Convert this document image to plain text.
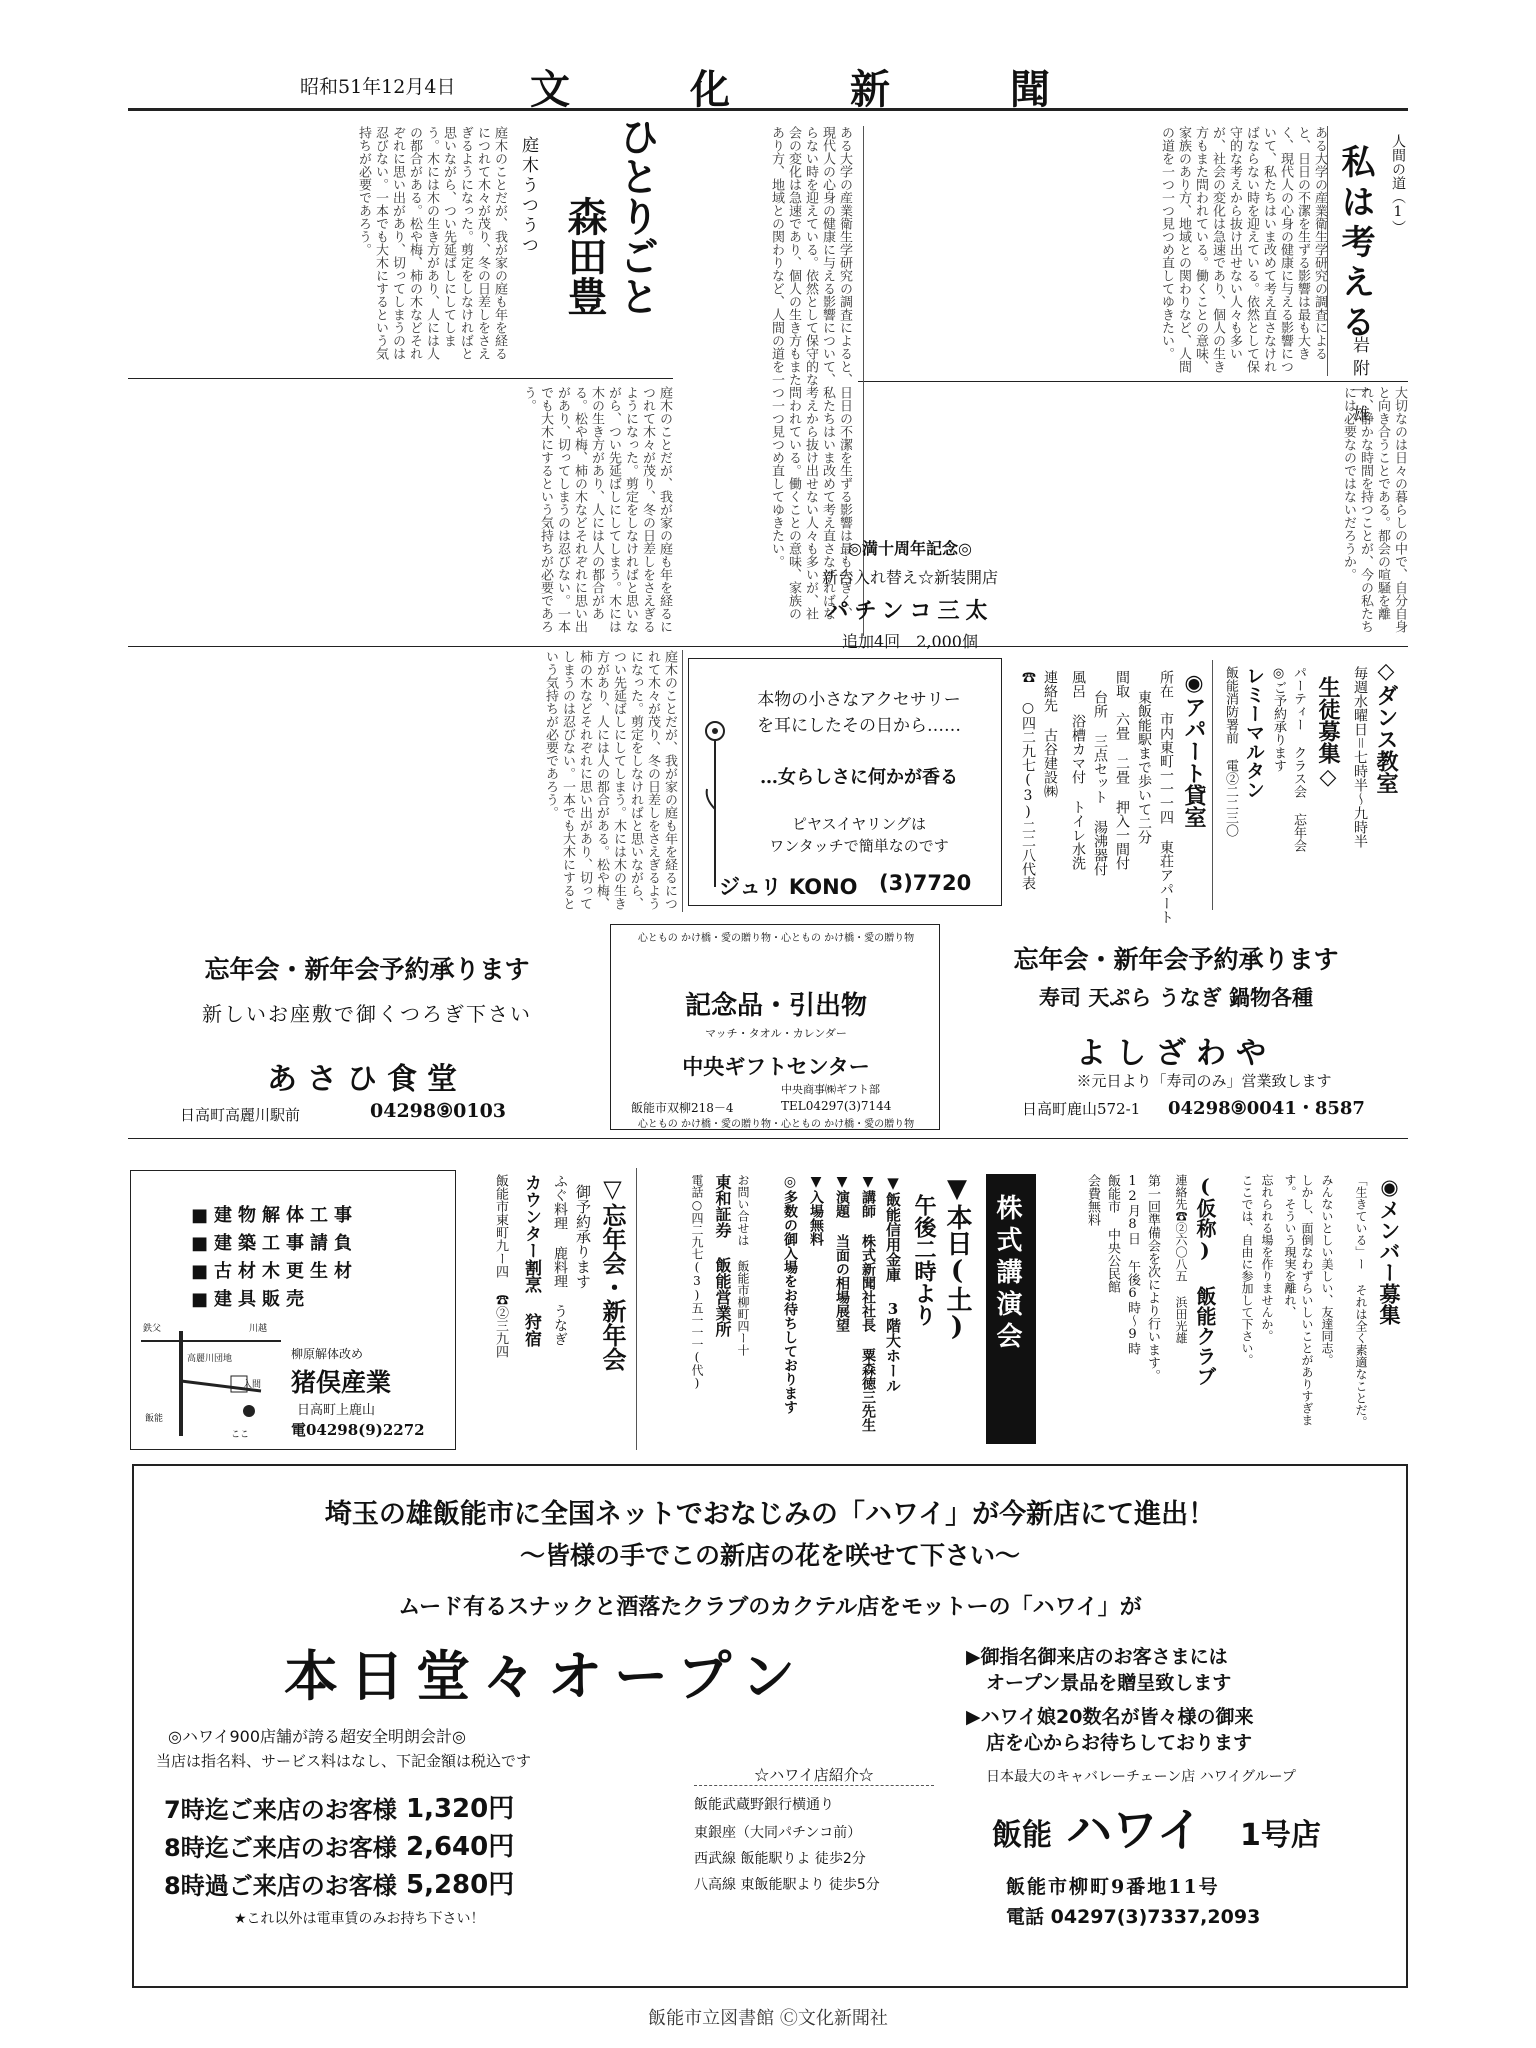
昭和51年12月4日 文　化　新　聞
人間の道（1）
私は考える
岩附一雄
ある大学の産業衛生学研究の調査によると、日日の不潔を生ずる影響は最も大きく、現代人の心身の健康に与える影響について、私たちはいま改めて考え直さなければならない時を迎えている。依然として保守的な考えから抜け出せない人々も多いが、社会の変化は急速であり、個人の生き方もまた問われている。働くことの意味、家族のあり方、地域との関わりなど、人間の道を一つ一つ見つめ直してゆきたい。
大切なのは日々の暮らしの中で、自分自身と向き合うことである。都会の喧騒を離れ、静かな時間を持つことが、今の私たちには必要なのではないだろうか。
ある大学の産業衛生学研究の調査によると、日日の不潔を生ずる影響は最も大きく、現代人の心身の健康に与える影響について、私たちはいま改めて考え直さなければならない時を迎えている。依然として保守的な考えから抜け出せない人々も多いが、社会の変化は急速であり、個人の生き方もまた問われている。働くことの意味、家族のあり方、地域との関わりなど、人間の道を一つ一つ見つめ直してゆきたい。
ひとりごと
森田豊
庭木うつうつ
庭木のことだが、我が家の庭も年を経るにつれて木々が茂り、冬の日差しをさえぎるようになった。剪定をしなければと思いながら、つい先延ばしにしてしまう。木には木の生き方があり、人には人の都合がある。松や梅、柿の木などそれぞれに思い出があり、切ってしまうのは忍びない。一本でも大木にするという気持ちが必要であろう。
庭木のことだが、我が家の庭も年を経るにつれて木々が茂り、冬の日差しをさえぎるようになった。剪定をしなければと思いながら、つい先延ばしにしてしまう。木には木の生き方があり、人には人の都合がある。松や梅、柿の木などそれぞれに思い出があり、切ってしまうのは忍びない。一本でも大木にするという気持ちが必要であろう。
◎満十周年記念◎
新台入れ替え☆新装開店
パチンコ三太
追加4回　2,000個
庭木のことだが、我が家の庭も年を経るにつれて木々が茂り、冬の日差しをさえぎるようになった。剪定をしなければと思いながら、つい先延ばしにしてしまう。木には木の生き方があり、人には人の都合がある。松や梅、柿の木などそれぞれに思い出があり、切ってしまうのは忍びない。一本でも大木にするという気持ちが必要であろう。	本物の小さなアクセサリー
を耳にしたその日から……
…女らしさに何かが香る
ピヤスイヤリングは
ワンタッチで簡単なのです
ジュリ KONO (3)7720
◉アパート貸室
所在　市内東町一一一四 東荘アパート
東飯能駅まで歩いて二分
間取　六畳 二畳 押入一間付
台所 三点セット 湯沸器付
風呂 浴槽カマ付 トイレ水洗
連絡先 古谷建設㈱
☎ ○四二九七(3)二二八代表	◇ダンス教室
毎週水曜日＝七時半～九時半
生徒募集◇
パーティー クラス会 忘年会
◎ご予約承ります
レミーマルタン
飯能消防署前 電②二二三〇
忘年会・新年会予約承ります
新しいお座敷で御くつろぎ下さい
あさひ食堂
日高町高麗川駅前	04298⑨0103
心ともの かけ橋・愛の贈り物・心ともの かけ橋・愛の贈り物
記念品・引出物
マッチ・タオル・カレンダー
中央ギフトセンター
中央商事㈱ギフト部
飯能市双柳218－4	TEL04297(3)7144
心ともの かけ橋・愛の贈り物・心ともの かけ橋・愛の贈り物
忘年会・新年会予約承ります
寿司 天ぷら うなぎ 鍋物各種
よしざわや
※元日より「寿司のみ」営業致します
日高町鹿山572-1 04298⑨0041・8587
■建物解体工事
■建築工事請負
■古材木更生材
■建具販売
鉄父	川越
高麗川団地
入間
飯能
ここ
柳原解体改め
猪俣産業
日高町上鹿山
電04298(9)2272
▽忘年会・新年会
御予約承ります
ふぐ料理 鹿料理 うなぎ
カウンター割烹 狩宿
飯能市東町九ー四 ☎②三九四	株式講演会
▼本日(土)
午後二時より
▼飯能信用金庫 3階大ホール
▼講師 株式新聞社社長 粟森徳三先生
▼演題 当面の相場展望
▼入場無料
◎多数の御入場をお待ちしております
お問い合せは 飯能市柳町四ー十
東和証券 飯能営業所
電話○四二九七(3)五一一一(代)	(仮称) 飯能クラブ
連絡先☎②六〇八五 浜田光雄
第一回準備会を次により行います。
12月8日 午後6時～9時
飯能市 中央公民館
会費無料	◉メンバー募集
「生きている」ー それは全く素適なことだ。
みんないとしい美しい、友達同志。
しかし、面倒なわずらいしいことがありすぎます。そういう現実を離れ、
忘れられる場を作りませんか。
ここでは、自由に参加して下さい。
埼玉の雄飯能市に全国ネットでおなじみの「ハワイ」が今新店にて進出！
～皆様の手でこの新店の花を咲せて下さい～
ムード有るスナックと酒落たクラブのカクテル店をモットーの「ハワイ」が
本日堂々オープン	▶御指名御来店のお客さまには
オープン景品を贈呈致します
▶ハワイ娘20数名が皆々様の御来
店を心からお待ちしております
◎ハワイ900店舗が誇る超安全明朗会計◎
当店は指名料、サービス料はなし、下記金額は税込です
7時迄ご来店のお客様 1,320円
8時迄ご来店のお客様 2,640円
8時過ご来店のお客様 5,280円
★これ以外は電車賃のみお持ち下さい！
☆ハワイ店紹介☆
飯能武蔵野銀行横通り
東銀座（大同パチンコ前）
西武線 飯能駅りよ 徒歩2分
八高線 東飯能駅より 徒歩5分
日本最大のキャバレーチェーン店 ハワイグループ
飯能 ハワイ 1号店
飯能市柳町9番地11号
電話 04297(3)7337,2093
飯能市立図書館 Ⓒ文化新聞社
